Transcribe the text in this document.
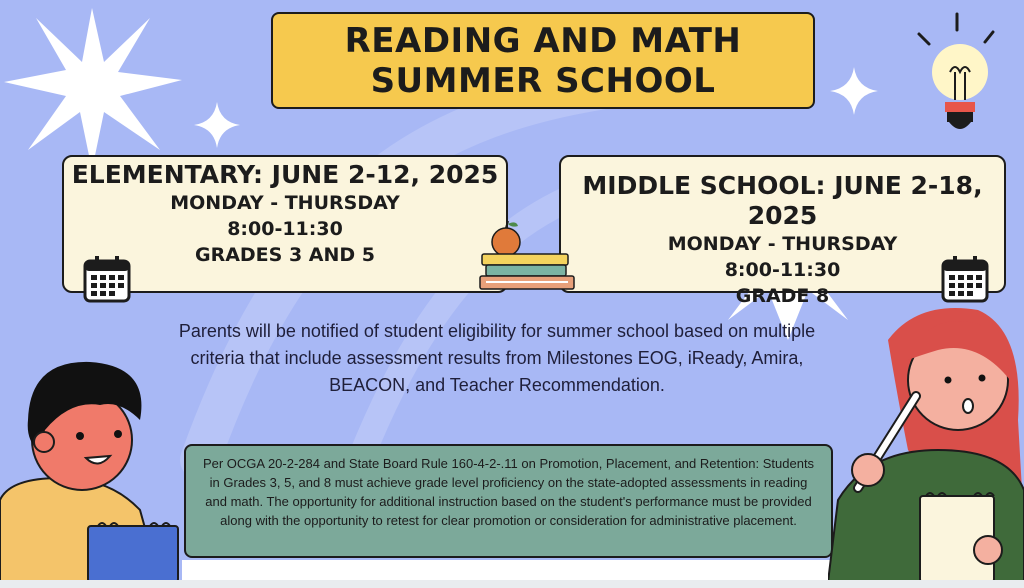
READING AND MATH
SUMMER SCHOOL
ELEMENTARY: JUNE 2-12, 2025
MONDAY - THURSDAY
8:00-11:30
GRADES 3 AND 5
MIDDLE SCHOOL: JUNE 2-18, 2025
MONDAY - THURSDAY
8:00-11:30
GRADE 8
Parents will be notified of student eligibility for summer school based on multiple criteria that include assessment results from Milestones EOG, iReady, Amira, BEACON, and Teacher Recommendation.
Per OCGA 20-2-284 and State Board Rule 160-4-2-.11 on Promotion, Placement, and Retention: Students in Grades 3, 5, and 8 must achieve grade level proficiency on the state-adopted assessments in reading and math. The opportunity for additional instruction based on the student's performance must be provided along with the opportunity to retest for clear promotion or consideration for administrative placement.
